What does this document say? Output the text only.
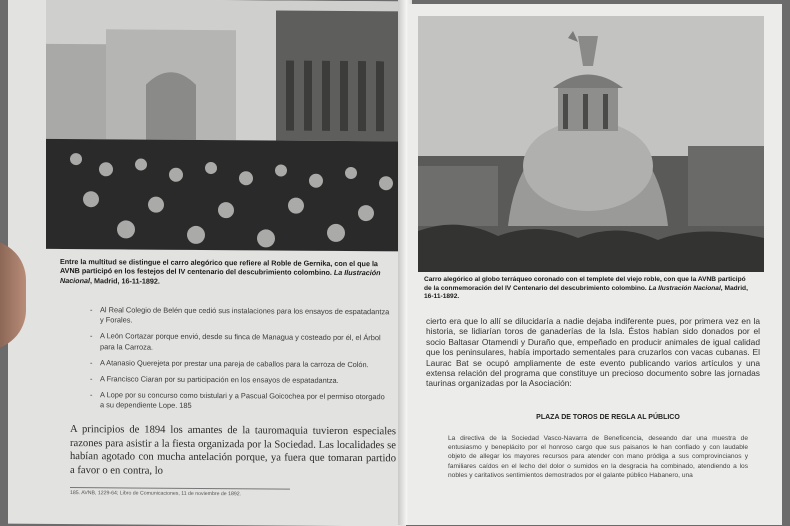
Entre la multitud se distingue el carro alegórico que refiere al Roble de Gernika, con el que la AVNB participó en los festejos del IV centenario del descubrimiento colombino. La Ilustración Nacional, Madrid, 16-11-1892.
- Al Real Colegio de Belén que cedió sus instalaciones para los ensayos de espatadantza y Forales.
- A León Cortazar porque envió, desde su finca de Managua y costeado por él, el Árbol para la Carroza.
- A Atanasio Querejeta por prestar una pareja de caballos para la carroza de Colón.
- A Francisco Ciaran por su participación en los ensayos de espatadantza.
- A Lope por su concurso como txistulari y a Pascual Goicochea por el permiso otorgado a su dependiente Lope. 185
A principios de 1894 los amantes de la tauromaquia tuvieron especiales razones para asistir a la fiesta organizada por la Sociedad. Las localidades se habían agotado con mucha antelación porque, ya fuera que tomaran partido a favor o en contra, lo
185. AVNB, 1229-64; Libro de Comunicaciones, 11 de noviembre de 1892.
Carro alegórico al globo terráqueo coronado con el templete del viejo roble, con que la AVNB participó de la conmemoración del IV Centenario del descubrimiento colombino. La Ilustración Nacional, Madrid, 16-11-1892.
cierto era que lo allí se dilucidaría a nadie dejaba indiferente pues, por primera vez en la historia, se lidiarían toros de ganaderías de la Isla. Éstos habían sido donados por el socio Baltasar Otamendi y Duraño que, empeñado en producir animales de igual calidad que los peninsulares, había importado sementales para cruzarlos con vacas cubanas. El Laurac Bat se ocupó ampliamente de este evento publicando varios artículos y una extensa relación del programa que constituye un precioso documento sobre las jornadas taurinas organizadas por la Asociación:
PLAZA DE TOROS DE REGLA AL PÚBLICO
La directiva de la Sociedad Vasco-Navarra de Beneficencia, deseando dar una muestra de entusiasmo y beneplácito por el honroso cargo que sus paisanos le han confiado y con laudable objeto de allegar los mayores recursos para atender con mano pródiga a sus comprovincianos y familiares caídos en el lecho del dolor o sumidos en la desgracia ha combinado, atendiendo a los nobles y caritativos sentimientos demostrados por el galante público Habanero, una
